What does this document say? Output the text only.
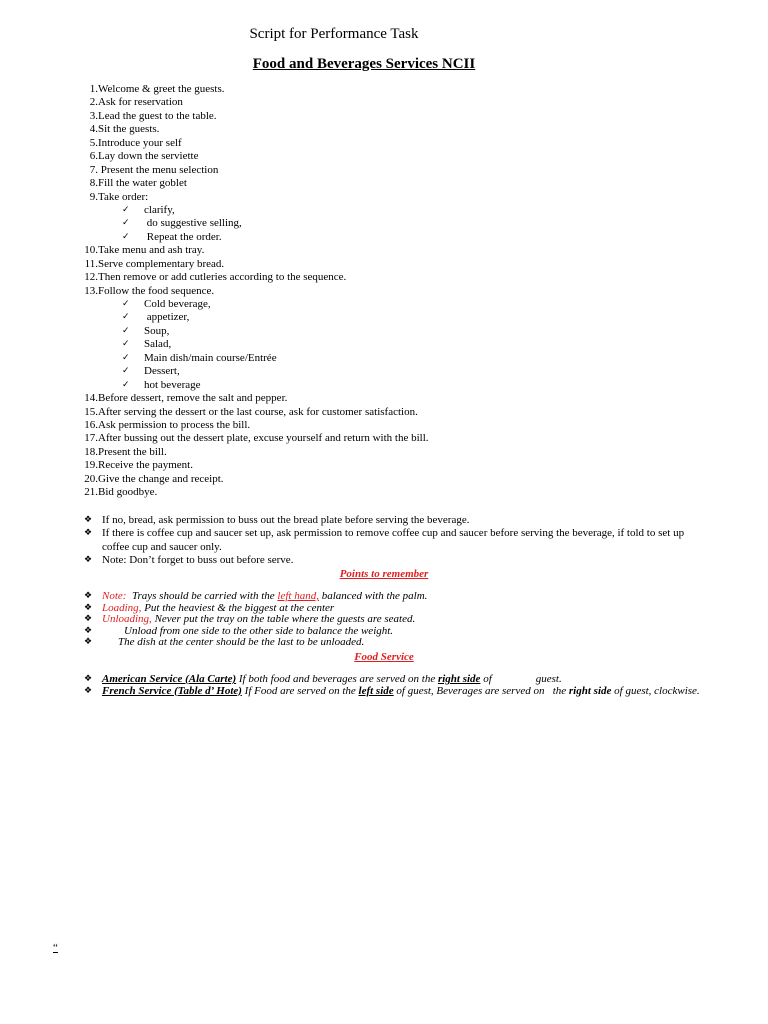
Script for Performance Task
Food and Beverages Services NCII
1. Welcome & greet the guests.
2. Ask for reservation
3. Lead the guest to the table.
4. Sit the guests.
5. Introduce your self
6. Lay down the serviette
7. Present the menu selection
8. Fill the water goblet
9. Take order:
✓ clarify,
✓ do suggestive selling,
✓ Repeat the order.
10. Take menu and ash tray.
11. Serve complementary bread.
12. Then remove or add cutleries according to the sequence.
13. Follow the food sequence.
✓ Cold beverage,
✓ appetizer,
✓ Soup,
✓ Salad,
✓ Main dish/main course/Entrée
✓ Dessert,
✓ hot beverage
14. Before dessert, remove the salt and pepper.
15. After serving the dessert or the last course, ask for customer satisfaction.
16. Ask permission to process the bill.
17. After bussing out the dessert plate, excuse yourself and return with the bill.
18. Present the bill.
19. Receive the payment.
20. Give the change and receipt.
21. Bid goodbye.
❖ If no, bread, ask permission to buss out the bread plate before serving the beverage.
❖ If there is coffee cup and saucer set up, ask permission to remove coffee cup and saucer before serving the beverage, if told to set up coffee cup and saucer only.
❖ Note: Don’t forget to buss out before serve.
Points to remember
❖ Note:  Trays should be carried with the left hand, balanced with the palm.
❖ Loading, Put the heaviest & the biggest at the center
❖ Unloading, Never put the tray on the table where the guests are seated.
❖	Unload from one side to the other side to balance the weight.
❖ The dish at the center should be the last to be unloaded.
Food Service
❖ American Service (Ala Carte) If both food and beverages are served on the right side of                guest.
❖ French Service (Table d’ Hote) If Food are served on the left side of guest, Beverages are served on   the right side of guest, clockwise.
“
